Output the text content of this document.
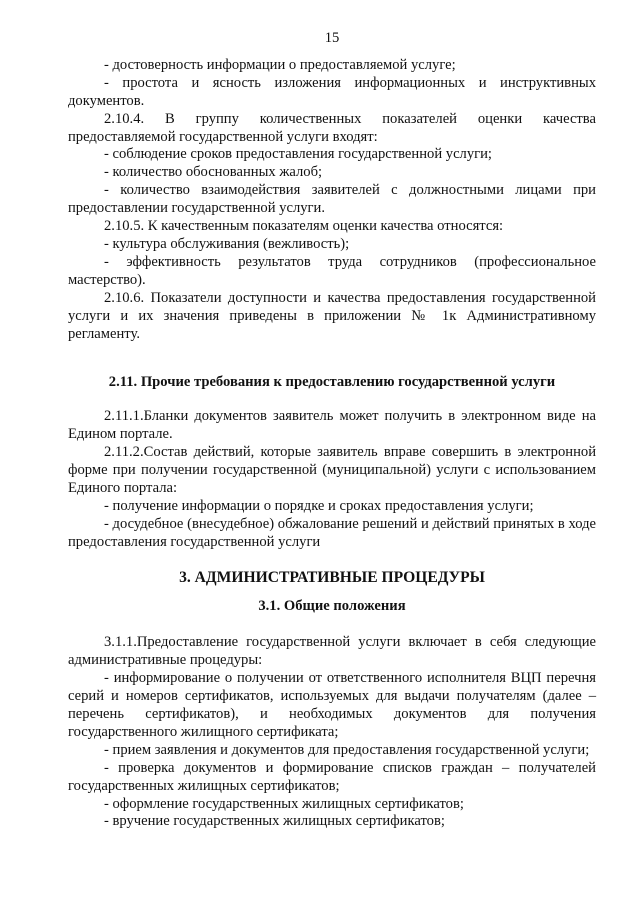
15

- достоверность информации о предоставляемой услуге;

- простота и ясность изложения информационных и инструктивных документов.

2.10.4. В группу количественных показателей оценки качества предоставляемой государственной услуги входят:

- соблюдение сроков предоставления государственной услуги;

- количество обоснованных жалоб;

- количество взаимодействия заявителей с должностными лицами при предоставлении государственной услуги.

2.10.5. К качественным показателям оценки качества относятся:

- культура обслуживания (вежливость);

- эффективность результатов труда сотрудников (профессиональное мастерство).

2.10.6. Показатели доступности и качества предоставления государственной услуги и их значения приведены в приложении № 1к Административному регламенту.

2.11. Прочие требования к предоставлению государственной услуги

2.11.1.Бланки документов заявитель может получить в электронном виде на Едином портале.

2.11.2.Состав действий, которые заявитель вправе совершить в электронной форме при получении государственной (муниципальной) услуги с использованием Единого портала:

- получение информации о порядке и сроках предоставления услуги;

- досудебное (внесудебное) обжалование решений и действий принятых в ходе предоставления государственной услуги

3. АДМИНИСТРАТИВНЫЕ ПРОЦЕДУРЫ

3.1. Общие положения

3.1.1.Предоставление государственной услуги включает в себя следующие административные процедуры:

- информирование о получении от ответственного исполнителя ВЦП перечня серий и номеров сертификатов, используемых для выдачи получателям (далее – перечень сертификатов), и необходимых документов для получения государственного жилищного сертификата;

- прием заявления и документов для предоставления государственной услуги;

- проверка документов и формирование списков граждан – получателей государственных жилищных сертификатов;

- оформление государственных жилищных сертификатов;

- вручение государственных жилищных сертификатов;
